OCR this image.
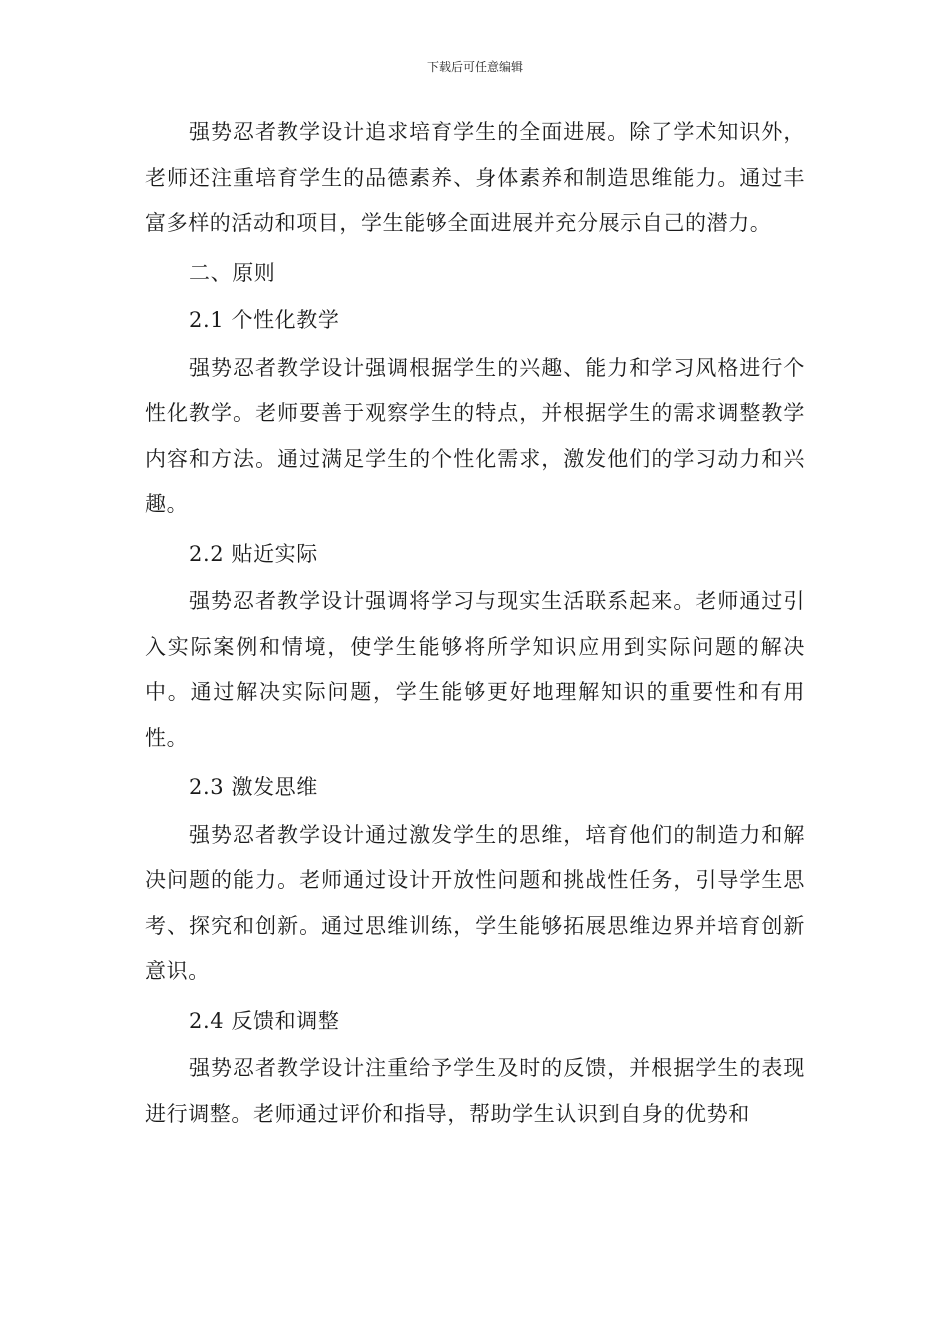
下载后可任意编辑

强势忍者教学设计追求培育学生的全面进展。除了学术知识外，老师还注重培育学生的品德素养、身体素养和制造思维能力。通过丰富多样的活动和项目，学生能够全面进展并充分展示自己的潜力。

二、原则

2.1 个性化教学

强势忍者教学设计强调根据学生的兴趣、能力和学习风格进行个性化教学。老师要善于观察学生的特点，并根据学生的需求调整教学内容和方法。通过满足学生的个性化需求，激发他们的学习动力和兴趣。

2.2 贴近实际

强势忍者教学设计强调将学习与现实生活联系起来。老师通过引入实际案例和情境，使学生能够将所学知识应用到实际问题的解决中。通过解决实际问题，学生能够更好地理解知识的重要性和有用性。

2.3 激发思维

强势忍者教学设计通过激发学生的思维，培育他们的制造力和解决问题的能力。老师通过设计开放性问题和挑战性任务，引导学生思考、探究和创新。通过思维训练，学生能够拓展思维边界并培育创新意识。

2.4 反馈和调整

强势忍者教学设计注重给予学生及时的反馈，并根据学生的表现进行调整。老师通过评价和指导，帮助学生认识到自身的优势和
